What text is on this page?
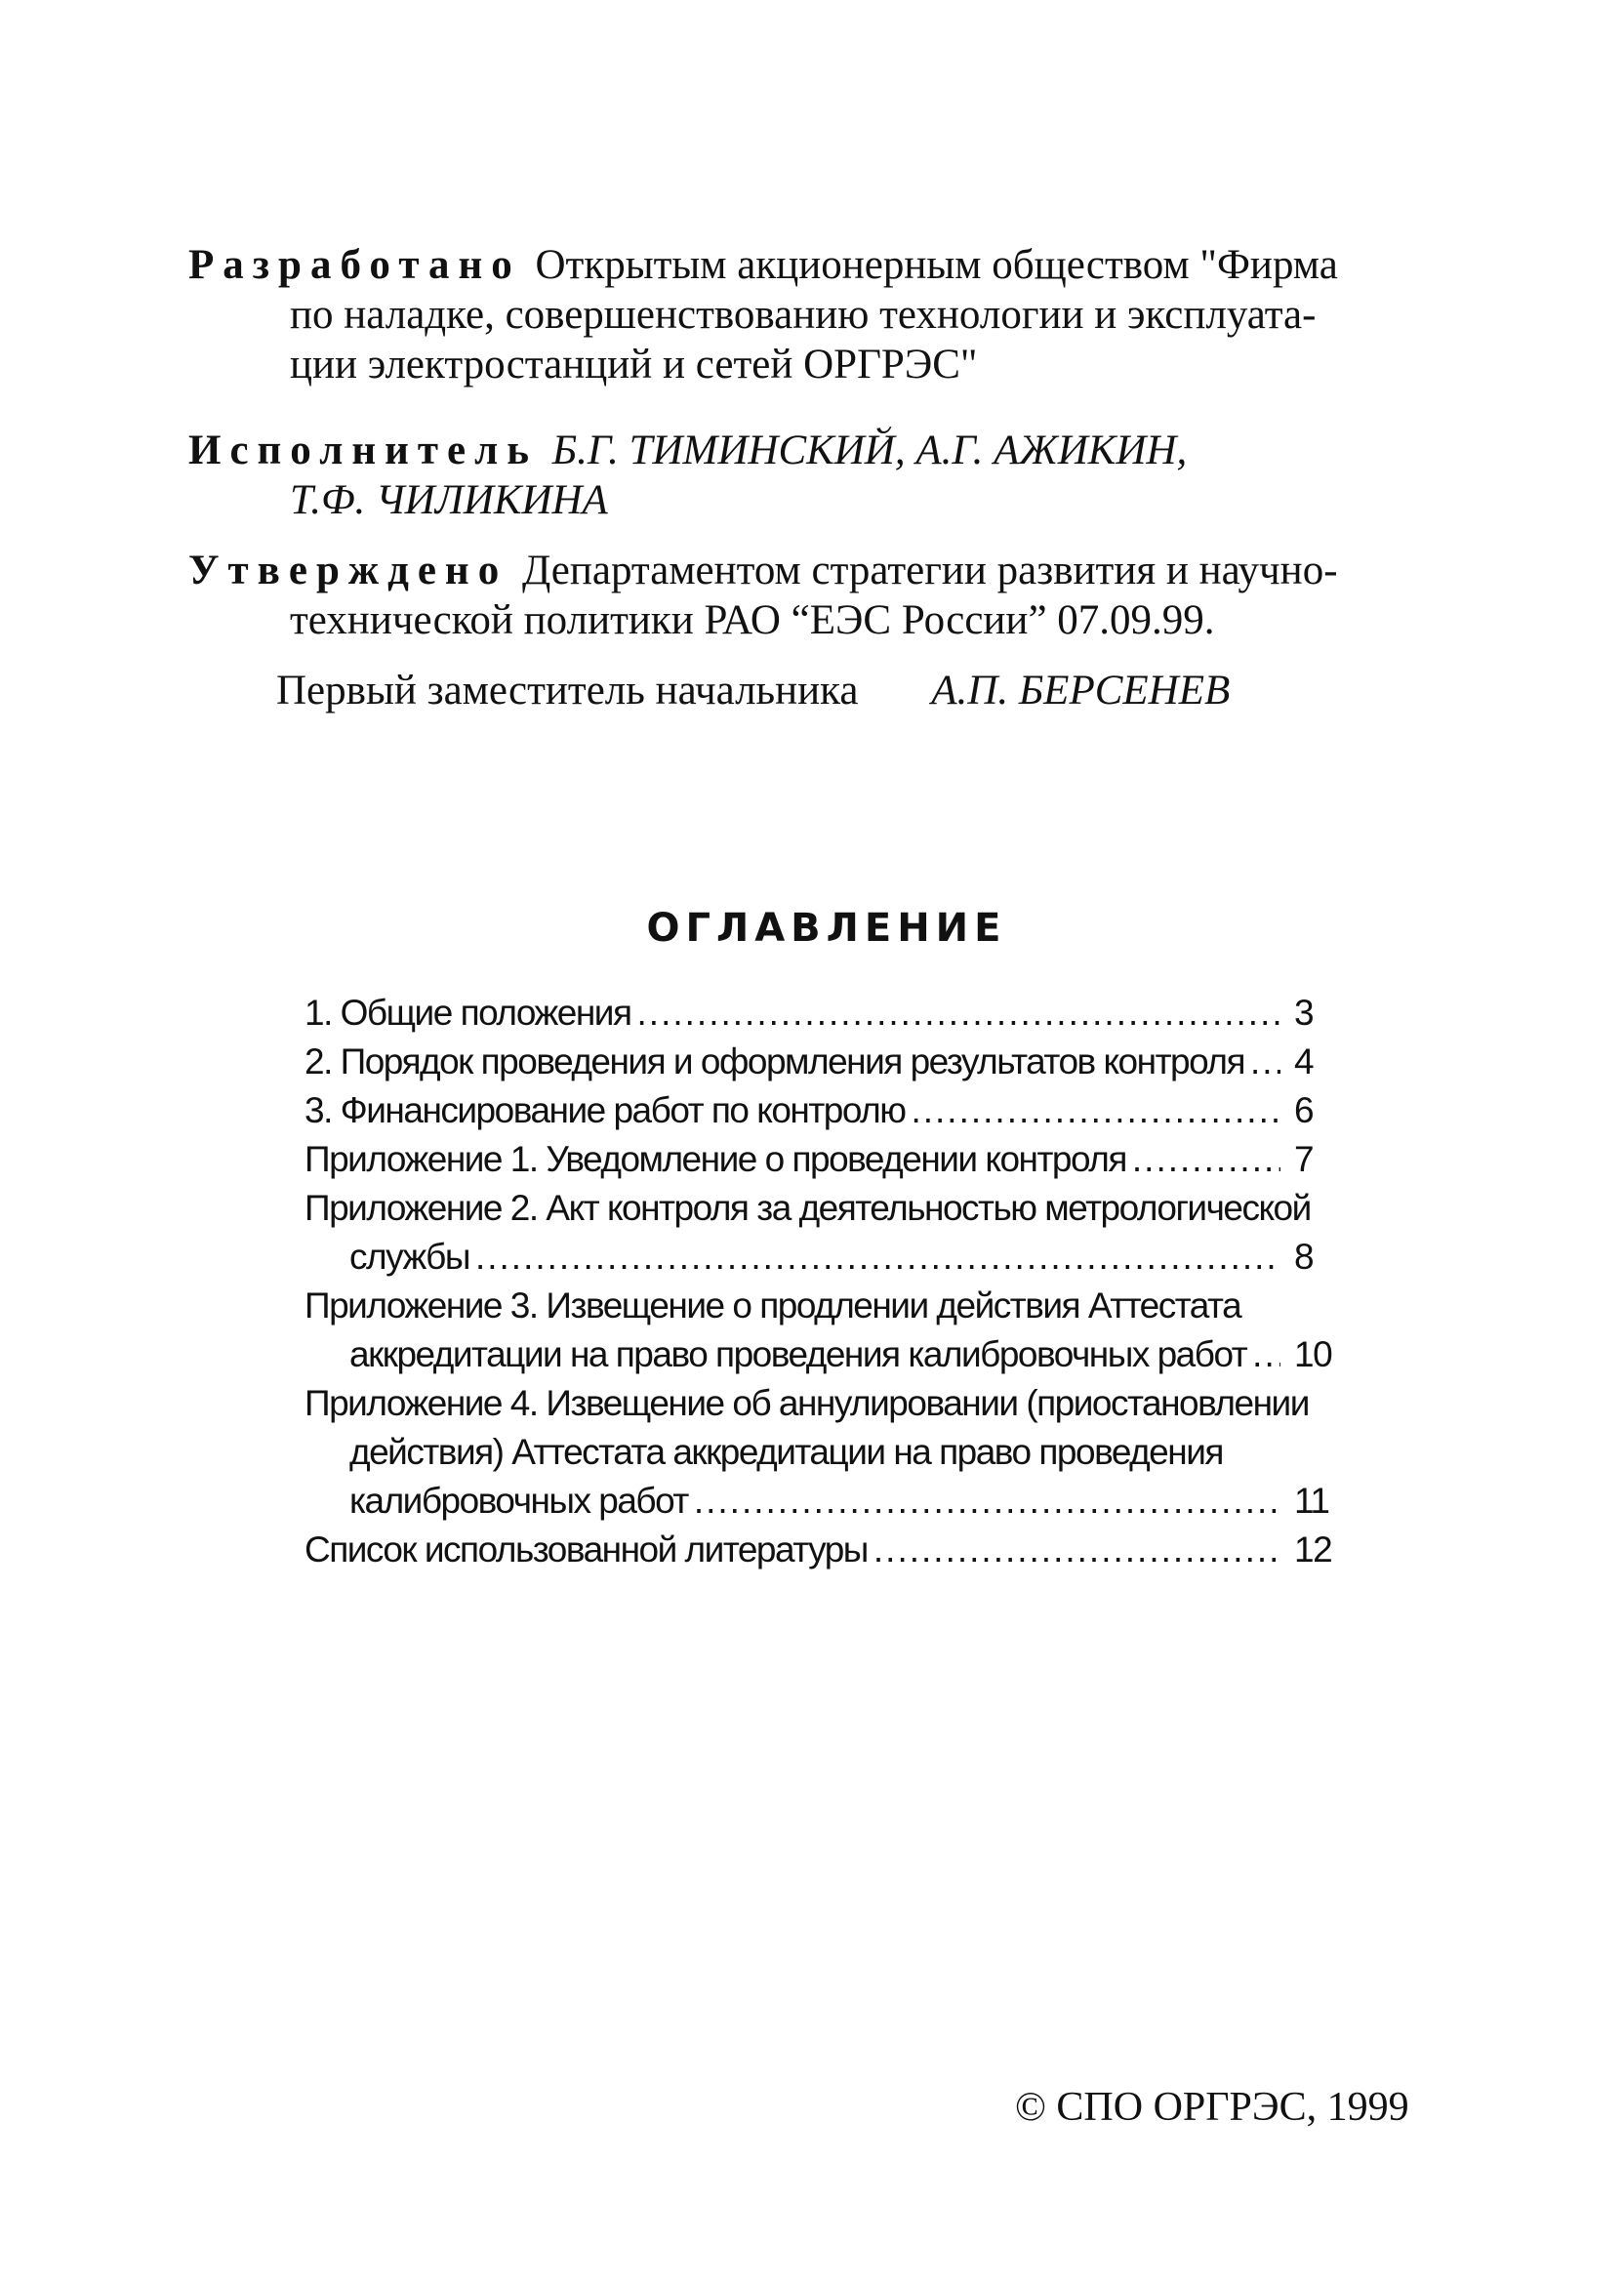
Разработано Открытым акционерным обществом "Фирма
по наладке, совершенствованию технологии и эксплуата-
ции электростанций и сетей ОРГРЭС"
Исполнитель Б.Г. ТИМИНСКИЙ, А.Г. АЖИКИН,
Т.Ф. ЧИЛИКИНА
Утверждено Департаментом стратегии развития и научно-
технической политики РАО “ЕЭС России” 07.09.99.
Первый заместитель начальника А.П. БЕРСЕНЕВ
ОГЛАВЛЕНИЕ
1. Общие положения .....	3
2. Порядок проведения и оформления результатов контроля ..... 4
3. Финансирование работ по контролю .....	6
Приложение 1. Уведомление о проведении контроля .....	7
Приложение 2. Акт контроля за деятельностью метрологической
службы .....	8
Приложение 3. Извещение о продлении действия Аттестата
аккредитации на право проведения калибровочных работ ..... 10
Приложение 4. Извещение об аннулировании (приостановлении
действия) Аттестата аккредитации на право проведения
калибровочных работ .....	11
Список использованной литературы .....	12
© СПО ОРГРЭС, 1999
